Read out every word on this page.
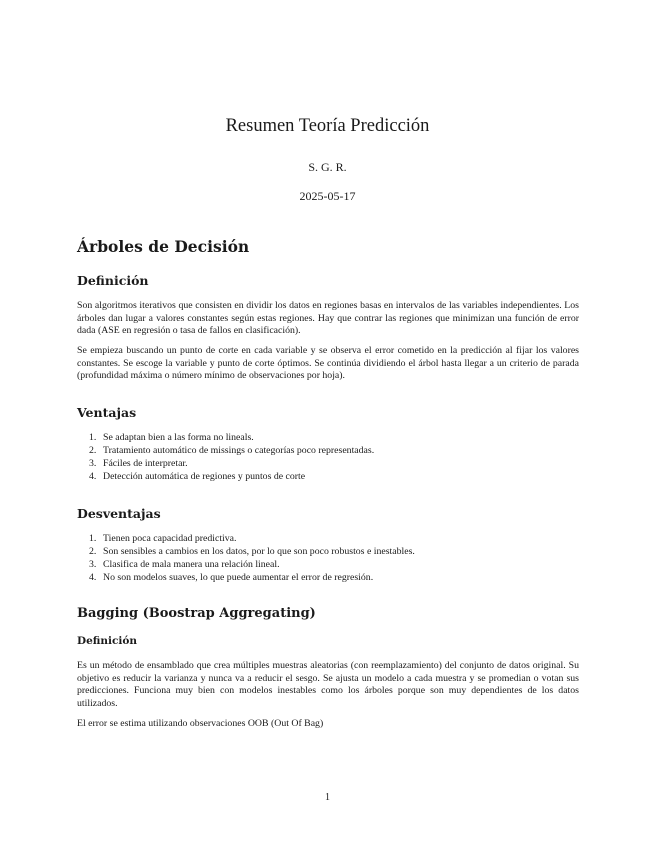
Resumen Teoría Predicción
S. G. R.
2025-05-17
Árboles de Decisión
Definición
Son algoritmos iterativos que consisten en dividir los datos en regiones basas en intervalos de las variables independientes. Los árboles dan lugar a valores constantes según estas regiones. Hay que contrar las regiones que minimizan una función de error dada (ASE en regresión o tasa de fallos en clasificación).
Se empieza buscando un punto de corte en cada variable y se observa el error cometido en la predicción al fijar los valores constantes. Se escoge la variable y punto de corte óptimos. Se continúa dividiendo el árbol hasta llegar a un criterio de parada (profundidad máxima o número mínimo de observaciones por hoja).
Ventajas
1. Se adaptan bien a las forma no lineals.
2. Tratamiento automático de missings o categorías poco representadas.
3. Fáciles de interpretar.
4. Detección automática de regiones y puntos de corte
Desventajas
1. Tienen poca capacidad predictiva.
2. Son sensibles a cambios en los datos, por lo que son poco robustos e inestables.
3. Clasifica de mala manera una relación lineal.
4. No son modelos suaves, lo que puede aumentar el error de regresión.
Bagging (Boostrap Aggregating)
Definición
Es un método de ensamblado que crea múltiples muestras aleatorias (con reemplazamiento) del conjunto de datos original. Su objetivo es reducir la varianza y nunca va a reducir el sesgo. Se ajusta un modelo a cada muestra y se promedian o votan sus predicciones. Funciona muy bien con modelos inestables como los árboles porque son muy dependientes de los datos utilizados.
El error se estima utilizando observaciones OOB (Out Of Bag)
1
